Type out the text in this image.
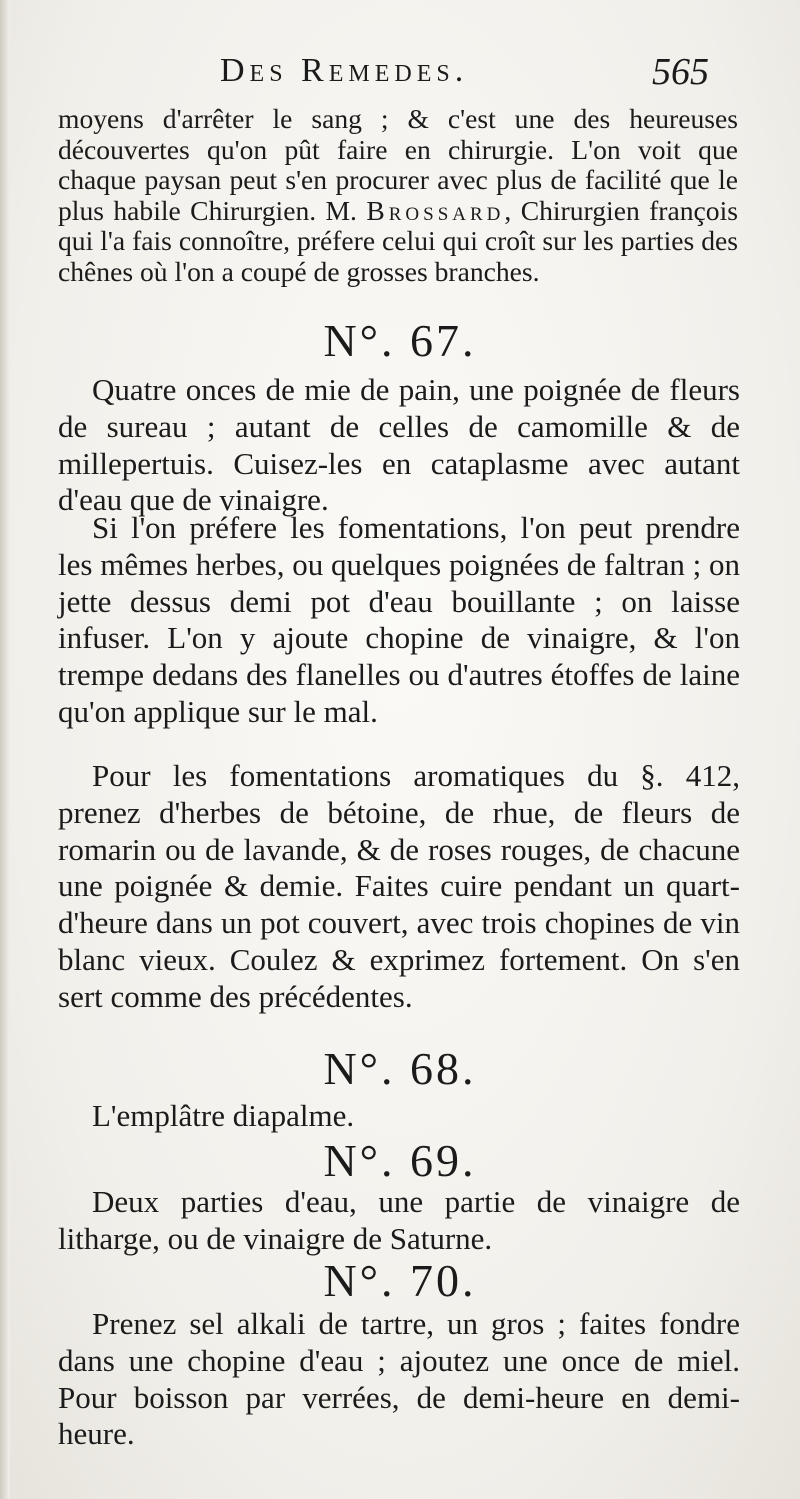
Des Remedes.	565
moyens d'arrêter le sang ; & c'est une des heureuses découvertes qu'on pût faire en chirurgie. L'on voit que chaque paysan peut s'en procurer avec plus de facilité que le plus habile Chirurgien. M. Brossard, Chirurgien françois qui l'a fais connoître, préfere celui qui croît sur les parties des chênes où l'on a coupé de grosses branches.
N°. 67.
Quatre onces de mie de pain, une poignée de fleurs de sureau ; autant de celles de camomille & de millepertuis. Cuisez-les en cataplasme avec autant d'eau que de vinaigre.
Si l'on préfere les fomentations, l'on peut prendre les mêmes herbes, ou quelques poignées de faltran ; on jette dessus demi pot d'eau bouillante ; on laisse infuser. L'on y ajoute chopine de vinaigre, & l'on trempe dedans des flanelles ou d'autres étoffes de laine qu'on applique sur le mal.
Pour les fomentations aromatiques du §. 412, prenez d'herbes de bétoine, de rhue, de fleurs de romarin ou de lavande, & de roses rouges, de chacune une poignée & demie. Faites cuire pendant un quart-d'heure dans un pot couvert, avec trois chopines de vin blanc vieux. Coulez & exprimez fortement. On s'en sert comme des précédentes.
N°. 68.
L'emplâtre diapalme.
N°. 69.
Deux parties d'eau, une partie de vinaigre de litharge, ou de vinaigre de Saturne.
N°. 70.
Prenez sel alkali de tartre, un gros ; faites fondre dans une chopine d'eau ; ajoutez une once de miel. Pour boisson par verrées, de demi-heure en demi-heure.
